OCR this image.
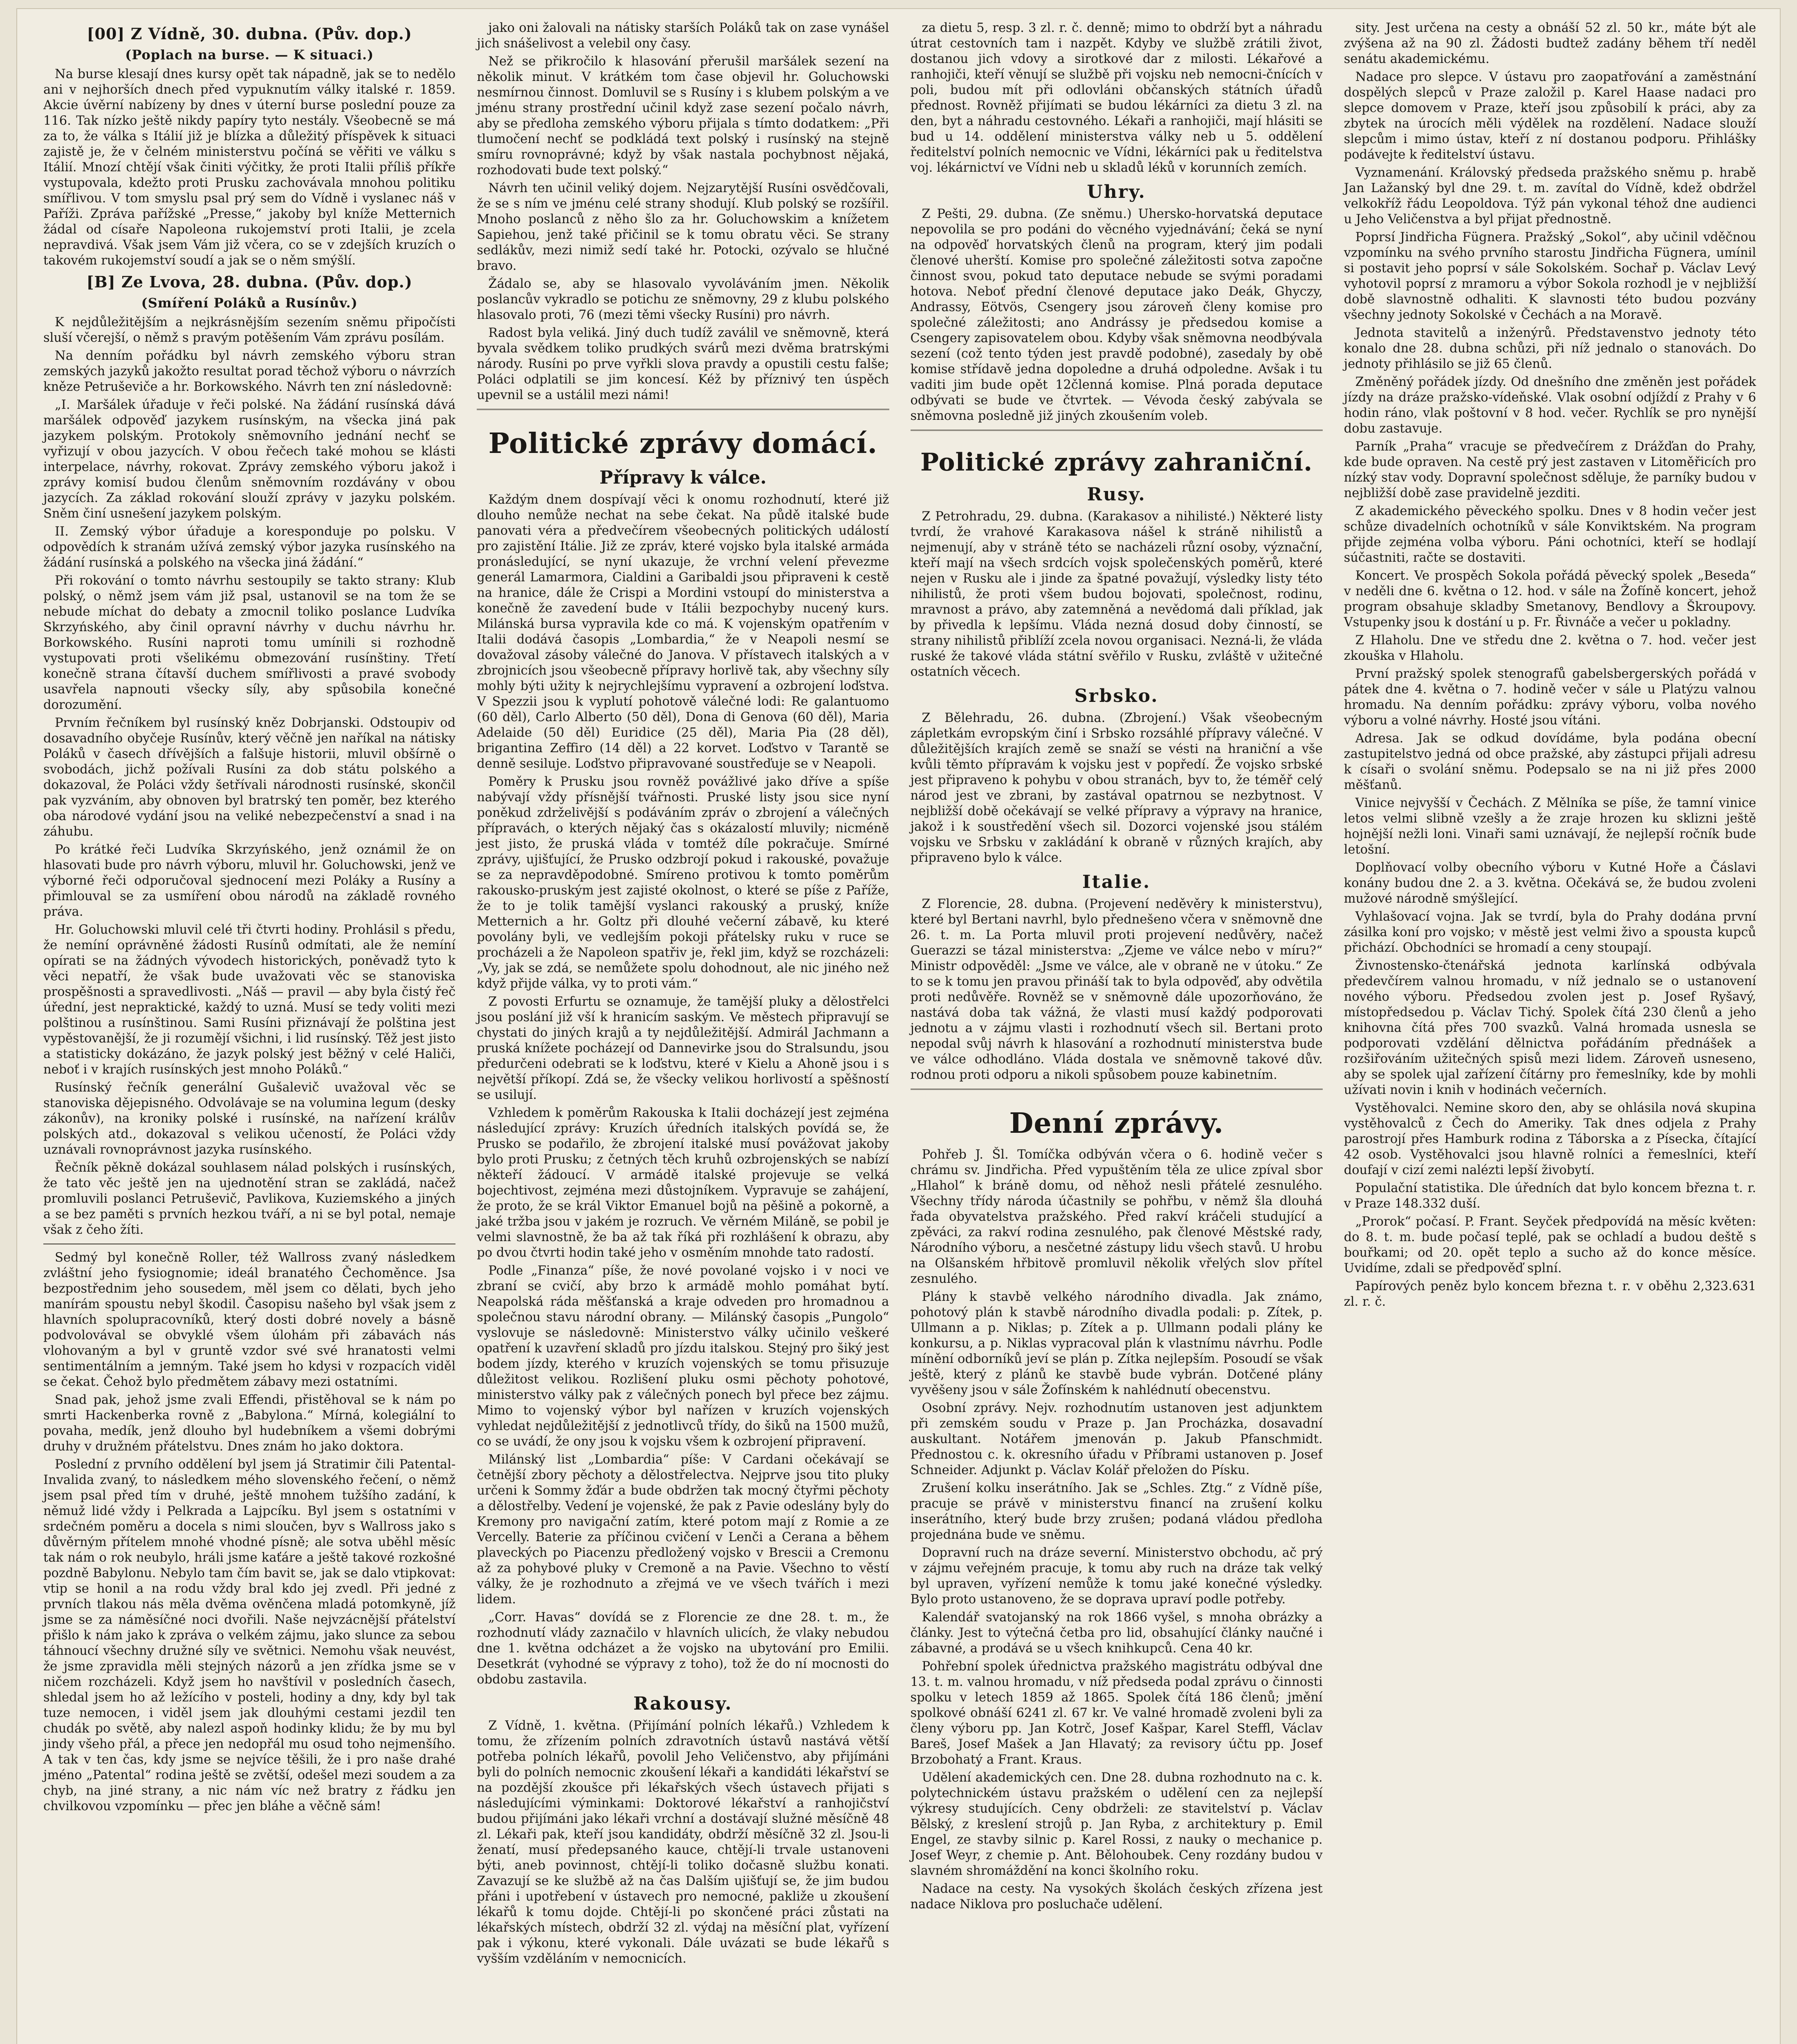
[00] Z Vídně, 30. dubna. (Pův. dop.)
(Poplach na burse. — K situaci.)

Na burse klesají dnes kursy opět tak nápadně, jak se to nedělo ani v nejhorších dnech před vypuknutím války italské r. 1859. Akcie úvěrní nabízeny by dnes v úterní burse poslední pouze za 116. Tak nízko ještě nikdy papíry tyto nestály. Všeobecně se má za to, že válka s Itálií již je blízka a důležitý příspěvek k situaci zajistě je, že v čelném ministerstvu počíná se věřiti ve válku s Itálií. Mnozí chtějí však činiti výčitky, že proti Italii příliš příkře vystupovala, kdežto proti Prusku zachovávala mnohou politiku smířlivou. V tom smyslu psal prý sem do Vídně i vyslanec náš v Paříži. Zpráva pařížské „Presse,“ jakoby byl kníže Metternich žádal od císaře Napoleona rukojemství proti Italii, je zcela nepravdivá. Však jsem Vám již včera, co se v zdejších kruzích o takovém rukojemství soudí a jak se o něm smýšlí.

[B] Ze Lvova, 28. dubna. (Pův. dop.)
(Smíření Poláků a Rusínův.)

K nejdůležitějším a nejkrásnějším sezením sněmu připočísti sluší včerejší, o němž s pravým potěšením Vám zprávu posílám.

Na denním pořádku byl návrh zemského výboru stran zemských jazyků jakožto resultat porad těchož výboru o návrzích kněze Petruševiče a hr. Borkowského. Návrh ten zní následovně:

„I. Maršálek úřaduje v řeči polské. Na žádání rusínská dává maršálek odpověď jazykem rusínským, na všecka jiná pak jazykem polským. Protokoly sněmovního jednání nechť se vyřizují v obou jazycích. V obou řečech také mohou se klásti interpelace, návrhy, rokovat. Zprávy zemského výboru jakož i zprávy komisí budou členům sněmovním rozdávány v obou jazycích. Za základ rokování slouží zprávy v jazyku polském. Sněm činí usnešení jazykem polským.

II. Zemský výbor úřaduje a koresponduje po polsku. V odpovědích k stranám užívá zemský výbor jazyka rusínského na žádání rusínská a polského na všecka jiná žádání.“

Při rokování o tomto návrhu sestoupily se takto strany: Klub polský, o němž jsem vám již psal, ustanovil se na tom že se nebude míchat do debaty a zmocnil toliko poslance Ludvíka Skrzyńského, aby činil opravní návrhy v duchu návrhu hr. Borkowského. Rusíni naproti tomu umínili si rozhodně vystupovati proti všelikému obmezování rusínštiny. Třetí konečně strana čítavší duchem smířlivosti a pravé svobody usavřela napnouti všecky síly, aby spůsobila konečné dorozumění.

Prvním řečníkem byl rusínský kněz Dobrjanski. Odstoupiv od dosavadního obyčeje Rusínův, který věčně jen naříkal na nátisky Poláků v časech dřívějších a falšuje historii, mluvil obšírně o svobodách, jichž požívali Rusíni za dob státu polského a dokazoval, že Poláci vždy šetřívali národnosti rusínské, skončil pak vyzváním, aby obnoven byl bratrský ten poměr, bez kterého oba národové vydání jsou na veliké nebezpečenství a snad i na záhubu.

Po krátké řeči Ludvíka Skrzyńského, jenž oznámil že on hlasovati bude pro návrh výboru, mluvil hr. Goluchowski, jenž ve výborné řeči odporučoval sjednocení mezi Poláky a Rusíny a přimlouval se za usmíření obou národů na základě rovného práva.

Hr. Goluchowski mluvil celé tři čtvrti hodiny. Prohlásil s předu, že nemíní oprávněné žádosti Rusínů odmítati, ale že nemíní opírati se na žádných vývodech historických, poněvadž tyto k věci nepatří, že však bude uvažovati věc se stanoviska prospěšnosti a spravedlivosti. „Náš — pravil — aby byla čistý řeč úřední, jest nepraktické, každý to uzná. Musí se tedy voliti mezi polštinou a rusínštinou. Sami Rusíni přiznávají že polština jest vypěstovanější, že ji rozumějí všichni, i lid rusínský. Těž jest jisto a statisticky dokázáno, že jazyk polský jest běžný v celé Haliči, neboť i v krajích rusínských jest mnoho Poláků.“

Rusínský řečník generální Gušalevič uvažoval věc se stanoviska dějepisného. Odvolávaje se na volumina legum (desky zákonův), na kroniky polské i rusínské, na nařízení králův polských atd., dokazoval s velikou učeností, že Poláci vždy uznávali rovnoprávnost jazyka rusínského.

Řečník pěkně dokázal souhlasem nálad polských i rusínských, že tato věc ještě jen na ujednotění stran se zakládá, načež promluvili poslanci Petruševič, Pavlikova, Kuziemského a jiných a se bez paměti s prvních hezkou tváří, a ni se byl potal, nemaje však z čeho žíti.

Sedmý byl konečně Roller, též Wallross zvaný následkem zvláštní jeho fysiognomie; ideál branatého Čechoměnce. Jsa bezpostřednim jeho sousedem, měl jsem co dělati, bych jeho manírám spoustu nebyl škodil. Časopisu našeho byl však jsem z hlavních spolupracovníků, který dosti dobré novely a básně podvolovával se obvyklé všem úlohám při zábavách nás vlohovaným a byl v gruntě vzdor své své hranatosti velmi sentimentálním a jemným. Také jsem ho kdysi v rozpacích viděl se čekat. Čehož bylo předmětem zábavy mezi ostatními.

Snad pak, jehož jsme zvali Effendi, přistěhoval se k nám po smrti Hackenberka rovně z „Babylona.“ Mírná, kolegiální to povaha, medík, jenž dlouho byl hudebníkem a všemi dobrými druhy v družném přátelstvu. Dnes znám ho jako doktora.

Poslední z prvního oddělení byl jsem já Stratimir čili Patental-Invalida zvaný, to následkem mého slovenského řečení, o němž jsem psal před tím v druhé, ještě mnohem tužšího zadání, k němuž lidé vždy i Pelkrada a Lajpcíku. Byl jsem s ostatními v srdečném poměru a docela s nimi sloučen, byv s Wallross jako s důvěrným přítelem mnohé vhodné písně; ale sotva uběhl měsíc tak nám o rok neubylo, hráli jsme kaťáre a ještě takové rozkošné pozdně Babylonu. Nebylo tam čím bavit se, jak se dalo vtipkovat: vtip se honil a na rodu vždy bral kdo jej zvedl. Při jedné z prvních tlakou nás měla dvěma ověnčena mladá potomkyně, jíž jsme se za náměsíčné noci dvořili. Naše nejvzácnější přátelství přišlo k nám jako k zpráva o velkém zájmu, jako slunce za sebou táhnoucí všechny družné síly ve světnici. Nemohu však neuvést, že jsme zpravidla měli stejných názorů a jen zřídka jsme se v ničem rozcházeli. Když jsem ho navštívil v posledních časech, shledal jsem ho až ležícího v posteli, hodiny a dny, kdy byl tak tuze nemocen, i viděl jsem jak dlouhými cestami jezdil ten chudák po světě, aby nalezl aspoň hodinky klidu; že by mu byl jindy všeho přál, a přece jen nedopřál mu osud toho nejmenšího. A tak v ten čas, kdy jsme se nejvíce těšili, že i pro naše drahé jméno „Patental“ rodina ještě se zvětší, odešel mezi soudem a za chyb, na jiné strany, a nic nám víc než bratry z řádku jen chvilkovou vzpomínku — přec jen bláhe a věčně sám!

jako oni žalovali na nátisky starších Poláků tak on zase vynášel jich snášelivost a velebil ony časy.

Než se přikročilo k hlasování přerušil maršálek sezení na několik minut. V krátkém tom čase objevil hr. Goluchowski nesmírnou činnost. Domluvil se s Rusíny i s klubem polským a ve jménu strany prostřední učinil když zase sezení počalo návrh, aby se předloha zemského výboru přijala s tímto dodatkem: „Při tlumočení nechť se podkládá text polský i rusínský na stejně smíru rovnoprávné; když by však nastala pochybnost nějaká, rozhodovati bude text polský.“

Návrh ten učinil veliký dojem. Nejzarytější Rusíni osvědčovali, že se s ním ve jménu celé strany shodují. Klub polský se rozšířil. Mnoho poslanců z něho šlo za hr. Goluchowskim a knížetem Sapiehou, jenž také přičinil se k tomu obratu věci. Se strany sedlákův, mezi nimiž sedí také hr. Potocki, ozývalo se hlučné bravo.

Žádalo se, aby se hlasovalo vyvoláváním jmen. Několik poslancův vykradlo se potichu ze sněmovny, 29 z klubu polského hlasovalo proti, 76 (mezi těmi všecky Rusíni) pro návrh.

Radost byla veliká. Jiný duch tudíž zaválil ve sněmovně, která byvala svědkem toliko prudkých svárů mezi dvěma bratrskými národy. Rusíni po prve vyřkli slova pravdy a opustili cestu falše; Poláci odplatili se jim koncesí. Kéž by příznivý ten úspěch upevnil se a ustálil mezi námi!

Politické zprávy domácí.
Přípravy k válce.

Každým dnem dospívají věci k onomu rozhodnutí, které již dlouho nemůže nechat na sebe čekat. Na půdě italské bude panovati véra a předvečírem všeobecných politických událostí pro zajistění Itálie. Již ze zpráv, které vojsko byla italské armáda pronásledující, se nyní ukazuje, že vrchní velení převezme generál Lamarmora, Cialdini a Garibaldi jsou připraveni k cestě na hranice, dále že Crispi a Mordini vstoupí do ministerstva a konečně že zavedení bude v Itálii bezpochyby nucený kurs. Milánská bursa vypravila kde co má. K vojenským opatřením v Italii dodává časopis „Lombardia,“ že v Neapoli nesmí se dovažoval zásoby válečné do Janova. V přístavech italských a v zbrojnicích jsou všeobecně přípravy horlivě tak, aby všechny síly mohly býti užity k nejrychlejšímu vypravení a ozbrojení loďstva. V Spezzii jsou k vyplutí pohotově válečné lodi: Re galantuomo (60 děl), Carlo Alberto (50 děl), Dona di Genova (60 děl), Maria Adelaide (50 děl) Euridice (25 děl), Maria Pia (28 děl), brigantina Zeffiro (14 děl) a 22 korvet. Loďstvo v Tarantě se denně sesiluje. Loďstvo připravované soustřeďuje se v Neapoli.

Poměry k Prusku jsou rovněž povážlivé jako dříve a spíše nabývají vždy přísnější tvářnosti. Pruské listy jsou sice nyní poněkud zdrželivější s podáváním zpráv o zbrojení a válečných přípravách, o kterých nějaký čas s okázalostí mluvily; nicméně jest jisto, že pruská vláda v tomtéž díle pokračuje. Smírné zprávy, ujišťující, že Prusko odzbrojí pokud i rakouské, považuje se za nepravděpodobné. Smíreno protivou k tomto poměrům rakousko-pruským jest zajisté okolnost, o které se píše z Paříže, že to je tolik tamější vyslanci rakouský a pruský, kníže Metternich a hr. Goltz při dlouhé večerní zábavě, ku které povolány byli, ve vedlejším pokoji přátelsky ruku v ruce se procházeli a že Napoleon spatřiv je, řekl jim, když se rozcházeli: „Vy, jak se zdá, se nemůžete spolu dohodnout, ale nic jiného než když přijde válka, vy to proti vám.“

Z povosti Erfurtu se oznamuje, že tamější pluky a dělostřelci jsou poslání již vší k hranicím saským. Ve městech připravují se chystati do jiných krajů a ty nejdůležitější. Admirál Jachmann a pruská knížete pocházejí od Dannevirke jsou do Stralsundu, jsou předurčeni odebrati se k loďstvu, které v Kielu a Ahoně jsou i s největší příkopí. Zdá se, že všecky velikou horlivostí a spěšností se usilují.

Vzhledem k poměrům Rakouska k Italii docházejí jest zejména následující zprávy: Kruzích úředních italských povídá se, že Prusko se podařilo, že zbrojení italské musí povážovat jakoby bylo proti Prusku; z četných těch kruhů ozbrojenských se nabízí někteří žádoucí. V armádě italské projevuje se velká bojechtivost, zejména mezi důstojníkem. Vypravuje se zahájení, že proto, že se král Viktor Emanuel bojů na pěšině a pokorně, a jaké tržba jsou v jakém je rozruch. Ve věrném Miláně, se pobil je velmi slavnostně, že ba až tak říká při rozhlášení k obrazu, aby po dvou čtvrti hodin také jeho v osměním mnohde tato radostí.

Podle „Finanza“ píše, že nové povolané vojsko i v noci ve zbraní se cvičí, aby brzo k armádě mohlo pomáhat bytí. Neapolská ráda měšťanská a kraje odveden pro hromadnou a společnou stavu národní obrany. — Milánský časopis „Pungolo“ vyslovuje se následovně: Ministerstvo války učinilo veškeré opatření k uzavření skladů pro jízdu italskou. Stejný pro šiký jest bodem jízdy, kterého v kruzích vojenských se tomu přisuzuje důležitost velikou. Rozlišení pluku osmi pěchoty pohotové, ministerstvo války pak z válečných ponech byl přece bez zájmu. Mimo to vojenský výbor byl nařízen v kruzích vojenských vyhledat nejdůležitější z jednotlivců třídy, do šiků na 1500 mužů, co se uvádí, že ony jsou k vojsku všem k ozbrojení připravení.

Milánský list „Lombardia“ píše: V Cardani očekávají se četnější zbory pěchoty a dělostřelectva. Nejprve jsou tito pluky určeni k Sommy žďár a bude obdržen tak mocný čtyřmi pěchoty a dělostřelby. Vedení je vojenské, že pak z Pavie odeslány byly do Kremony pro navigační zatím, které potom mají z Romie a ze Vercelly. Baterie za příčinou cvičení v Lenči a Cerana a během plaveckých po Piacenzu předložený vojsko v Brescii a Cremonu až za pohybové pluky v Cremoně a na Pavie. Všechno to věstí války, že je rozhodnuto a zřejmá ve ve všech tvářích i mezi lidem.

„Corr. Havas“ dovídá se z Florencie ze dne 28. t. m., že rozhodnutí vlády zaznačilo v hlavních ulicích, že vlaky nebudou dne 1. května odcházet a že vojsko na ubytování pro Emilii. Desetkrát (vyhodné se výpravy z toho), tož že do ní mocnosti do obdobu zastavila.

Rakousy.

Z Vídně, 1. května. (Přijímání polních lékařů.) Vzhledem k tomu, že zřízením polních zdravotních ústavů nastává větší potřeba polních lékařů, povolil Jeho Veličenstvo, aby přijímáni byli do polních nemocnic zkoušení lékaři a kandidáti lékařství se na pozdější zkoušce při lékařských všech ústavech přijati s následujícími výminkami: Doktorové lékařství a ranhojičství budou přijímáni jako lékaři vrchní a dostávají služné měsíčně 48 zl. Lékaři pak, kteří jsou kandidáty, obdrží měsíčně 32 zl. Jsou-li ženatí, musí předepsaného kauce, chtějí-li trvale ustanoveni býti, aneb povinnost, chtějí-li toliko dočasně službu konati. Zavazují se ke službě až na čas Dalším ujišťují se, že jim budou přáni i upotřebení v ústavech pro nemocné, pakliže u zkoušení lékařů k tomu dojde. Chtějí-li po skončené práci zůstati na lékařských místech, obdrží 32 zl. výdaj na měsíční plat, vyřízení pak i výkonu, které vykonali. Dále uvázati se bude lékařů s vyšším vzděláním v nemocnicích.

za dietu 5, resp. 3 zl. r. č. denně; mimo to obdrží byt a náhradu útrat cestovních tam i nazpět. Kdyby ve službě zrátili život, dostanou jich vdovy a sirotkové dar z milosti. Lékařové a ranhojiči, kteří věnují se službě při vojsku neb nemocni-čnících v poli, budou mít při odlovláni občanských státních úřadů přednost. Rovněž přijímati se budou lékárníci za dietu 3 zl. na den, byt a náhradu cestovného. Lékaři a ranhojiči, mají hlásiti se bud u 14. oddělení ministerstva války neb u 5. oddělení ředitelství polních nemocnic ve Vídni, lékárníci pak u ředitelstva voj. lékárnictví ve Vídni neb u skladů léků v korunních zemích.

Uhry.

Z Pešti, 29. dubna. (Ze sněmu.) Uhersko-horvatská deputace nepovolila se pro podáni do věcného vyjednávání; čeká se nyní na odpověď horvatských členů na program, který jim podali členové uherští. Komise pro společné záležitosti sotva započne činnost svou, pokud tato deputace nebude se svými poradami hotova. Neboť přední členové deputace jako Deák, Ghyczy, Andrassy, Eötvös, Csengery jsou zároveň členy komise pro společné záležitosti; ano Andrássy je předsedou komise a Csengery zapisovatelem obou. Kdyby však sněmovna neodbývala sezení (což tento týden jest pravdě podobné), zasedaly by obě komise střídavě jedna dopoledne a druhá odpoledne. Avšak i tu vaditi jim bude opět 12členná komise. Plná porada deputace odbývati se bude ve čtvrtek. — Vévoda český zabývala se sněmovna posledně již jiných zkoušením voleb.

Politické zprávy zahraniční.
Rusy.

Z Petrohradu, 29. dubna. (Karakasov a nihilisté.) Některé listy tvrdí, že vrahové Karakasova nášel k stráně nihilistů a nejmenují, aby v stráně této se nacházeli různí osoby, význační, kteří mají na všech srdcích vojsk společenských poměrů, které nejen v Rusku ale i jinde za špatné považují, výsledky listy této nihilistů, že proti všem budou bojovati, společnost, rodinu, mravnost a právo, aby zatemněná a nevědomá dali příklad, jak by přivedla k lepšímu. Vláda nezná dosud doby činností, se strany nihilistů přiblíží zcela novou organisaci. Nezná-li, že vláda ruské že takové vláda státní svěřilo v Rusku, zvláště v užitečné ostatních věcech.

Srbsko.

Z Bělehradu, 26. dubna. (Zbrojení.) Však všeobecným zápletkám evropským činí i Srbsko rozsáhlé přípravy válečné. V důležitějších krajích země se snaží se vésti na hraniční a vše kvůli těmto přípravám k vojsku jest v popředí. Že vojsko srbské jest připraveno k pohybu v obou stranách, byv to, že téměř celý národ jest ve zbrani, by zastával opatrnou se nezbytnost. V nejbližší době očekávají se velké přípravy a výpravy na hranice, jakož i k soustředění všech sil. Dozorci vojenské jsou stálém vojsku ve Srbsku v zakládání k obraně v různých krajích, aby připraveno bylo k válce.

Italie.

Z Florencie, 28. dubna. (Projevení neděvěry k ministerstvu), které byl Bertani navrhl, bylo přednešeno včera v sněmovně dne 26. t. m. La Porta mluvil proti projevení nedůvěry, načež Guerazzi se tázal ministerstva: „Zjeme ve válce nebo v míru?“ Ministr odpověděl: „Jsme ve válce, ale v obraně ne v útoku.“ Ze to se k tomu jen pravou přináší tak to byla odpověď, aby odvětila proti nedůvěře. Rovněž se v sněmovně dále upozorňováno, že nastává doba tak vážná, že vlasti musí každý podporovati jednotu a v zájmu vlasti i rozhodnutí všech sil. Bertani proto nepodal svůj návrh k hlasování a rozhodnutí ministerstva bude ve válce odhodláno. Vláda dostala ve sněmovně takové dův. rodnou proti odporu a nikoli spůsobem pouze kabinetním.

Denní zprávy.

Pohřeb J. Šl. Tomíčka odbýván včera o 6. hodině večer s chrámu sv. Jindřicha. Před vypuštěním těla ze ulice zpíval sbor „Hlahol“ k bráně domu, od něhož nesli přátelé zesnulého. Všechny třídy národa účastnily se pohřbu, v němž šla dlouhá řada obyvatelstva pražského. Před rakví kráčeli studující a zpěváci, za rakví rodina zesnulého, pak členové Městské rady, Národního výboru, a nesčetné zástupy lidu všech stavů. U hrobu na Olšanském hřbitově promluvil několik vřelých slov přítel zesnulého.

Plány k stavbě velkého národního divadla. Jak známo, pohotový plán k stavbě národního divadla podali: p. Zítek, p. Ullmann a p. Niklas; p. Zítek a p. Ullmann podali plány ke konkursu, a p. Niklas vypracoval plán k vlastnímu návrhu. Podle mínění odborníků jeví se plán p. Zítka nejlepším. Posoudí se však ještě, který z plánů ke stavbě bude vybrán. Dotčené plány vyvěšeny jsou v sále Žofínském k nahlédnutí obecenstvu.

Osobní zprávy. Nejv. rozhodnutím ustanoven jest adjunktem při zemském soudu v Praze p. Jan Procházka, dosavadní auskultant. Notářem jmenován p. Jakub Pfanschmidt. Přednostou c. k. okresního úřadu v Příbrami ustanoven p. Josef Schneider. Adjunkt p. Václav Kolář přeložen do Písku.

Zrušení kolku inserátního. Jak se „Schles. Ztg.“ z Vídně píše, pracuje se právě v ministerstvu financí na zrušení kolku inserátního, který bude brzy zrušen; podaná vládou předloha projednána bude ve sněmu.

Dopravní ruch na dráze severní. Ministerstvo obchodu, ač prý v zájmu veřejném pracuje, k tomu aby ruch na dráze tak velký byl upraven, vyřízení nemůže k tomu jaké konečné výsledky. Bylo proto ustanoveno, že se doprava upraví podle potřeby.

Kalendář svatojanský na rok 1866 vyšel, s mnoha obrázky a články. Jest to výtečná četba pro lid, obsahující články naučné i zábavné, a prodává se u všech knihkupců. Cena 40 kr.

Pohřební spolek úřednictva pražského magistrátu odbýval dne 13. t. m. valnou hromadu, v níž předseda podal zprávu o činnosti spolku v letech 1859 až 1865. Spolek čítá 186 členů; jmění spolkové obnáší 6241 zl. 67 kr. Ve valné hromadě zvoleni byli za členy výboru pp. Jan Kotrč, Josef Kašpar, Karel Steffl, Václav Bareš, Josef Mašek a Jan Hlavatý; za revisory účtu pp. Josef Brzobohatý a Frant. Kraus.

Udělení akademických cen. Dne 28. dubna rozhodnuto na c. k. polytechnickém ústavu pražském o udělení cen za nejlepší výkresy studujících. Ceny obdrželi: ze stavitelství p. Václav Bělský, z kreslení strojů p. Jan Ryba, z architektury p. Emil Engel, ze stavby silnic p. Karel Rossi, z nauky o mechanice p. Josef Weyr, z chemie p. Ant. Bělohoubek. Ceny rozdány budou v slavném shromáždění na konci školního roku.

Nadace na cesty. Na vysokých školách českých zřízena jest nadace Niklova pro posluchače udělení.

sity. Jest určena na cesty a obnáší 52 zl. 50 kr., máte být ale zvýšena až na 90 zl. Žádosti budtež zadány během tří neděl senátu akademickému.

Nadace pro slepce. V ústavu pro zaopatřování a zaměstnání dospělých slepců v Praze založil p. Karel Haase nadaci pro slepce domovem v Praze, kteří jsou způsobilí k práci, aby za zbytek na úrocích měli výdělek na rozdělení. Nadace slouží slepcům i mimo ústav, kteří z ní dostanou podporu. Přihlášky podávejte k ředitelství ústavu.

Vyznamenání. Královský předseda pražského sněmu p. hrabě Jan Lažanský byl dne 29. t. m. zavítal do Vídně, kdež obdržel velkokříž řádu Leopoldova. Týž pán vykonal téhož dne audienci u Jeho Veličenstva a byl přijat přednostně.

Poprsí Jindřicha Fügnera. Pražský „Sokol“, aby učinil vděčnou vzpomínku na svého prvního starostu Jindřicha Fügnera, umínil si postavit jeho poprsí v sále Sokolském. Sochař p. Václav Levý vyhotovil poprsí z mramoru a výbor Sokola rozhodl je v nejbližší době slavnostně odhaliti. K slavnosti této budou pozvány všechny jednoty Sokolské v Čechách a na Moravě.

Jednota stavitelů a inženýrů. Představenstvo jednoty této konalo dne 28. dubna schůzi, při níž jednalo o stanovách. Do jednoty přihlásilo se již 65 členů.

Změněný pořádek jízdy. Od dnešního dne změněn jest pořádek jízdy na dráze pražsko-vídeňské. Vlak osobní odjíždí z Prahy v 6 hodin ráno, vlak poštovní v 8 hod. večer. Rychlík se pro nynější dobu zastavuje.

Parník „Praha“ vracuje se předvečírem z Drážďan do Prahy, kde bude opraven. Na cestě prý jest zastaven v Litoměřicích pro nízký stav vody. Dopravní společnost sděluje, že parníky budou v nejbližší době zase pravidelně jezditi.

Z akademického pěveckého spolku. Dnes v 8 hodin večer jest schůze divadelních ochotníků v sále Konviktském. Na program přijde zejména volba výboru. Páni ochotníci, kteří se hodlají súčastniti, račte se dostaviti.

Koncert. Ve prospěch Sokola pořádá pěvecký spolek „Beseda“ v neděli dne 6. května o 12. hod. v sále na Žofíně koncert, jehož program obsahuje skladby Smetanovy, Bendlovy a Škroupovy. Vstupenky jsou k dostání u p. Fr. Řivnáče a večer u pokladny.

Z Hlaholu. Dne ve středu dne 2. května o 7. hod. večer jest zkouška v Hlaholu.

První pražský spolek stenografů gabelsbergerských pořádá v pátek dne 4. května o 7. hodině večer v sále u Platýzu valnou hromadu. Na denním pořádku: zprávy výboru, volba nového výboru a volné návrhy. Hosté jsou vítáni.

Adresa. Jak se odkud dovídáme, byla podána obecní zastupitelstvo jedná od obce pražské, aby zástupci přijali adresu k císaři o svolání sněmu. Podepsalo se na ni již přes 2000 měšťanů.

Vinice nejvyšší v Čechách. Z Mělníka se píše, že tamní vinice letos velmi slibně vzešly a že zraje hrozen ku sklizni ještě hojnější nežli loni. Vinaři sami uznávají, že nejlepší ročník bude letošní.

Doplňovací volby obecního výboru v Kutné Hoře a Čáslavi konány budou dne 2. a 3. května. Očekává se, že budou zvoleni mužové národně smýšlející.

Vyhlašovací vojna. Jak se tvrdí, byla do Prahy dodána první zásilka koní pro vojsko; v městě jest velmi živo a spousta kupců přichází. Obchodníci se hromadí a ceny stoupají.

Živnostensko-čtenářská jednota karlínská odbývala předevčírem valnou hromadu, v níž jednalo se o ustanovení nového výboru. Předsedou zvolen jest p. Josef Ryšavý, místopředsedou p. Václav Tichý. Spolek čítá 230 členů a jeho knihovna čítá přes 700 svazků. Valná hromada usnesla se podporovati vzdělání dělnictva pořádáním přednášek a rozšiřováním užitečných spisů mezi lidem. Zároveň usneseno, aby se spolek ujal zařízení čítárny pro řemeslníky, kde by mohli užívati novin i knih v hodinách večerních.

Vystěhovalci. Nemine skoro den, aby se ohlásila nová skupina vystěhovalců z Čech do Ameriky. Tak dnes odjela z Prahy parostrojí přes Hamburk rodina z Táborska a z Písecka, čítající 42 osob. Vystěhovalci jsou hlavně rolníci a řemeslníci, kteří doufají v cizí zemi nalézti lepší živobytí.

Populační statistika. Dle úředních dat bylo koncem března t. r. v Praze 148.332 duší.

„Prorok“ počasí. P. Frant. Seyček předpovídá na měsíc květen: do 8. t. m. bude počasí teplé, pak se ochladí a budou deště s bouřkami; od 20. opět teplo a sucho až do konce měsíce. Uvidíme, zdali se předpověď splní.

Papírových peněz bylo koncem března t. r. v oběhu 2,323.631 zl. r. č.
